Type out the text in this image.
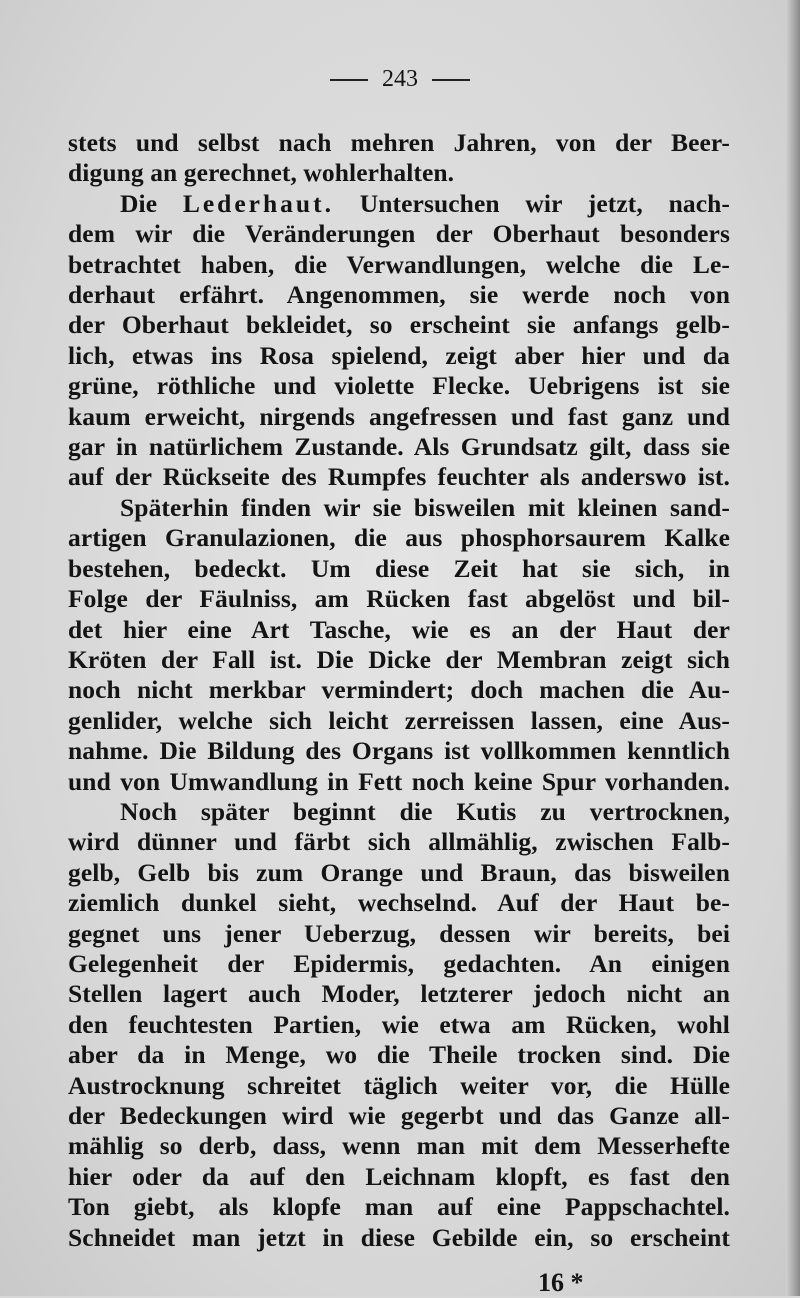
243
stets und selbst nach mehren Jahren, von der Beer-
digung an gerechnet, wohlerhalten.
Die Lederhaut. Untersuchen wir jetzt, nach-
dem wir die Veränderungen der Oberhaut besonders
betrachtet haben, die Verwandlungen, welche die Le-
derhaut erfährt. Angenommen, sie werde noch von
der Oberhaut bekleidet, so erscheint sie anfangs gelb-
lich, etwas ins Rosa spielend, zeigt aber hier und da
grüne, röthliche und violette Flecke. Uebrigens ist sie
kaum erweicht, nirgends angefressen und fast ganz und
gar in natürlichem Zustande. Als Grundsatz gilt, dass sie
auf der Rückseite des Rumpfes feuchter als anderswo ist.
Späterhin finden wir sie bisweilen mit kleinen sand-
artigen Granulazionen, die aus phosphorsaurem Kalke
bestehen, bedeckt. Um diese Zeit hat sie sich, in
Folge der Fäulniss, am Rücken fast abgelöst und bil-
det hier eine Art Tasche, wie es an der Haut der
Kröten der Fall ist. Die Dicke der Membran zeigt sich
noch nicht merkbar vermindert; doch machen die Au-
genlider, welche sich leicht zerreissen lassen, eine Aus-
nahme. Die Bildung des Organs ist vollkommen kenntlich
und von Umwandlung in Fett noch keine Spur vorhanden.
Noch später beginnt die Kutis zu vertrocknen,
wird dünner und färbt sich allmählig, zwischen Falb-
gelb, Gelb bis zum Orange und Braun, das bisweilen
ziemlich dunkel sieht, wechselnd. Auf der Haut be-
gegnet uns jener Ueberzug, dessen wir bereits, bei
Gelegenheit der Epidermis, gedachten. An einigen
Stellen lagert auch Moder, letzterer jedoch nicht an
den feuchtesten Partien, wie etwa am Rücken, wohl
aber da in Menge, wo die Theile trocken sind. Die
Austrocknung schreitet täglich weiter vor, die Hülle
der Bedeckungen wird wie gegerbt und das Ganze all-
mählig so derb, dass, wenn man mit dem Messerhefte
hier oder da auf den Leichnam klopft, es fast den
Ton giebt, als klopfe man auf eine Pappschachtel.
Schneidet man jetzt in diese Gebilde ein, so erscheint
16 *
